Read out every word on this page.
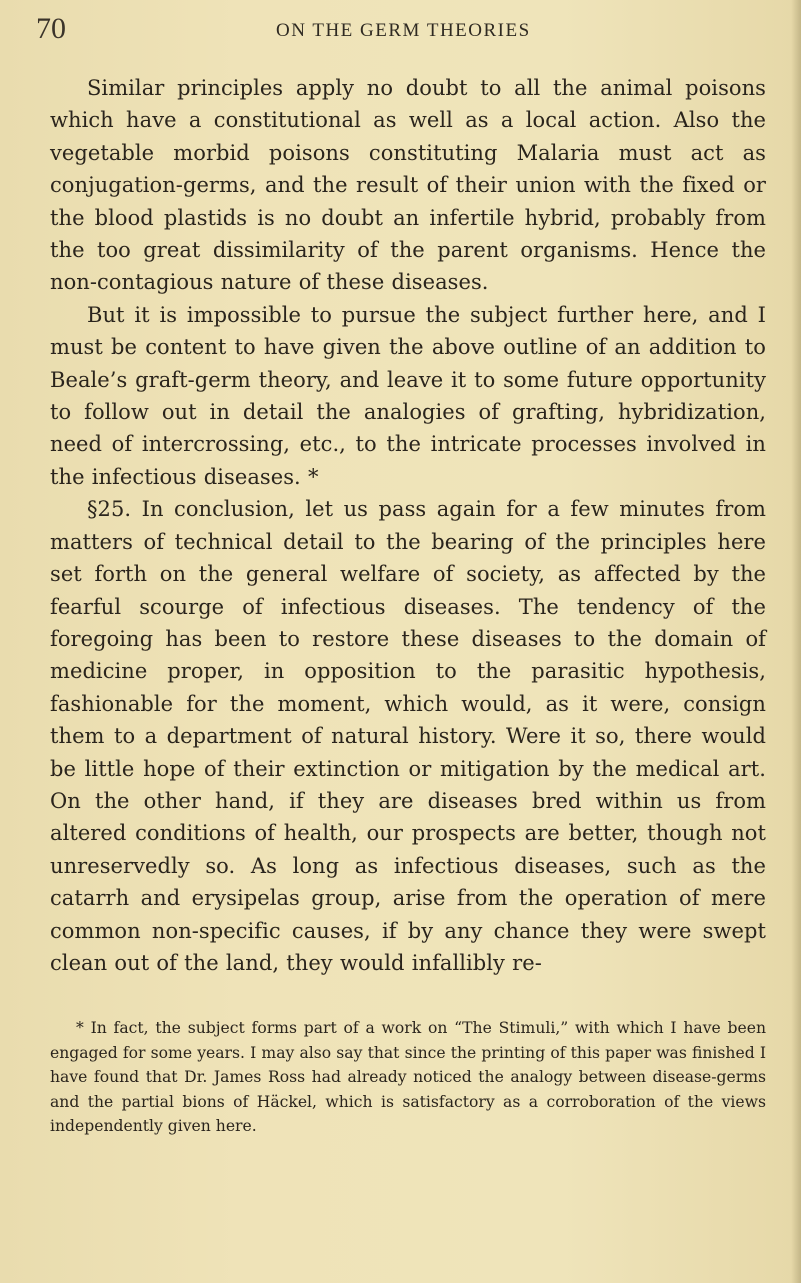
70	ON THE GERM THEORIES

Similar principles apply no doubt to all the animal poisons which have a constitutional as well as a local action. Also the vegetable morbid poisons constituting Malaria must act as conjugation-germs, and the result of their union with the fixed or the blood plastids is no doubt an infertile hybrid, probably from the too great dissimilarity of the parent organisms. Hence the non-contagious nature of these diseases.

But it is impossible to pursue the subject further here, and I must be content to have given the above outline of an addition to Beale’s graft-germ theory, and leave it to some future opportunity to follow out in detail the analogies of grafting, hybridization, need of intercrossing, etc., to the intricate processes involved in the infectious diseases. *

§25. In conclusion, let us pass again for a few minutes from matters of technical detail to the bearing of the principles here set forth on the general welfare of society, as affected by the fearful scourge of infectious diseases. The tendency of the foregoing has been to restore these diseases to the domain of medicine proper, in opposition to the parasitic hypothesis, fashionable for the moment, which would, as it were, consign them to a department of natural history. Were it so, there would be little hope of their extinction or mitigation by the medical art. On the other hand, if they are diseases bred within us from altered conditions of health, our prospects are better, though not unreservedly so. As long as infectious diseases, such as the catarrh and erysipelas group, arise from the operation of mere common non-specific causes, if by any chance they were swept clean out of the land, they would infallibly re-

* In fact, the subject forms part of a work on “The Stimuli,” with which I have been engaged for some years. I may also say that since the printing of this paper was finished I have found that Dr. James Ross had already noticed the analogy between disease-germs and the partial bions of Häckel, which is satisfactory as a corroboration of the views independently given here.
